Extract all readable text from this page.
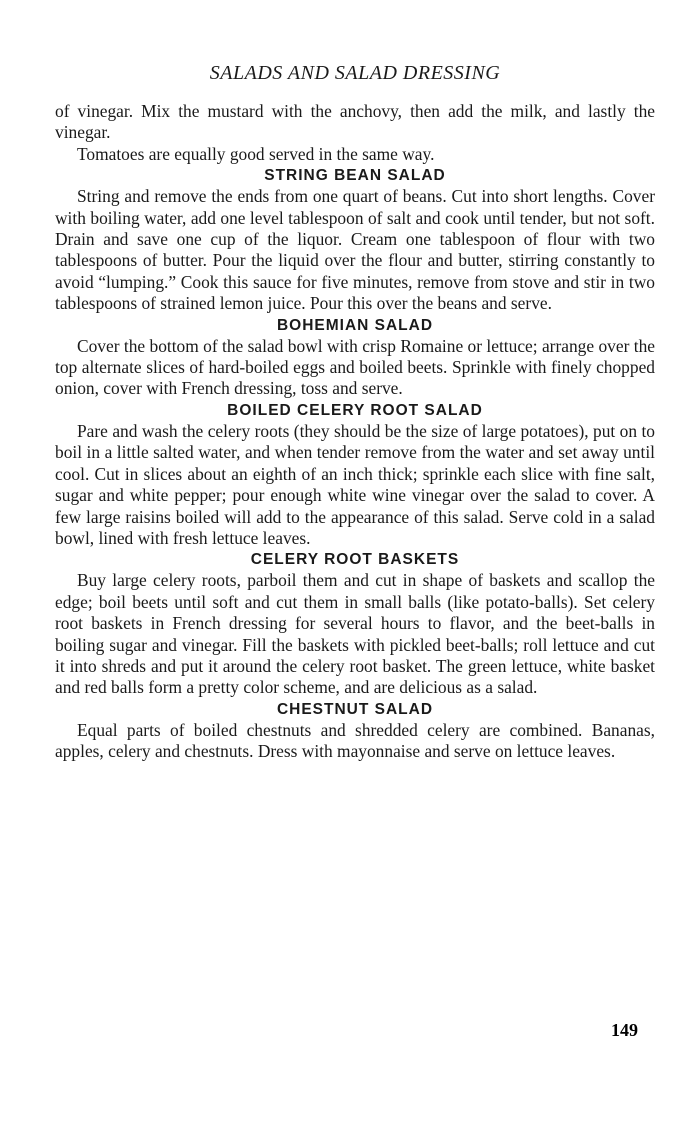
SALADS AND SALAD DRESSING

of vinegar. Mix the mustard with the anchovy, then add the milk, and lastly the vinegar.

Tomatoes are equally good served in the same way.

STRING BEAN SALAD

String and remove the ends from one quart of beans. Cut into short lengths. Cover with boiling water, add one level tablespoon of salt and cook until tender, but not soft. Drain and save one cup of the liquor. Cream one tablespoon of flour with two tablespoons of butter. Pour the liquid over the flour and butter, stirring constantly to avoid “lumping.” Cook this sauce for five minutes, remove from stove and stir in two tablespoons of strained lemon juice. Pour this over the beans and serve.

BOHEMIAN SALAD

Cover the bottom of the salad bowl with crisp Romaine or lettuce; arrange over the top alternate slices of hard-boiled eggs and boiled beets. Sprinkle with finely chopped onion, cover with French dressing, toss and serve.

BOILED CELERY ROOT SALAD

Pare and wash the celery roots (they should be the size of large potatoes), put on to boil in a little salted water, and when tender remove from the water and set away until cool. Cut in slices about an eighth of an inch thick; sprinkle each slice with fine salt, sugar and white pepper; pour enough white wine vinegar over the salad to cover. A few large raisins boiled will add to the appearance of this salad. Serve cold in a salad bowl, lined with fresh lettuce leaves.

CELERY ROOT BASKETS

Buy large celery roots, parboil them and cut in shape of baskets and scallop the edge; boil beets until soft and cut them in small balls (like potato-balls). Set celery root baskets in French dressing for several hours to flavor, and the beet-balls in boiling sugar and vinegar. Fill the baskets with pickled beet-balls; roll lettuce and cut it into shreds and put it around the celery root basket. The green lettuce, white basket and red balls form a pretty color scheme, and are delicious as a salad.

CHESTNUT SALAD

Equal parts of boiled chestnuts and shredded celery are combined. Bananas, apples, celery and chestnuts. Dress with mayonnaise and serve on lettuce leaves.

149
